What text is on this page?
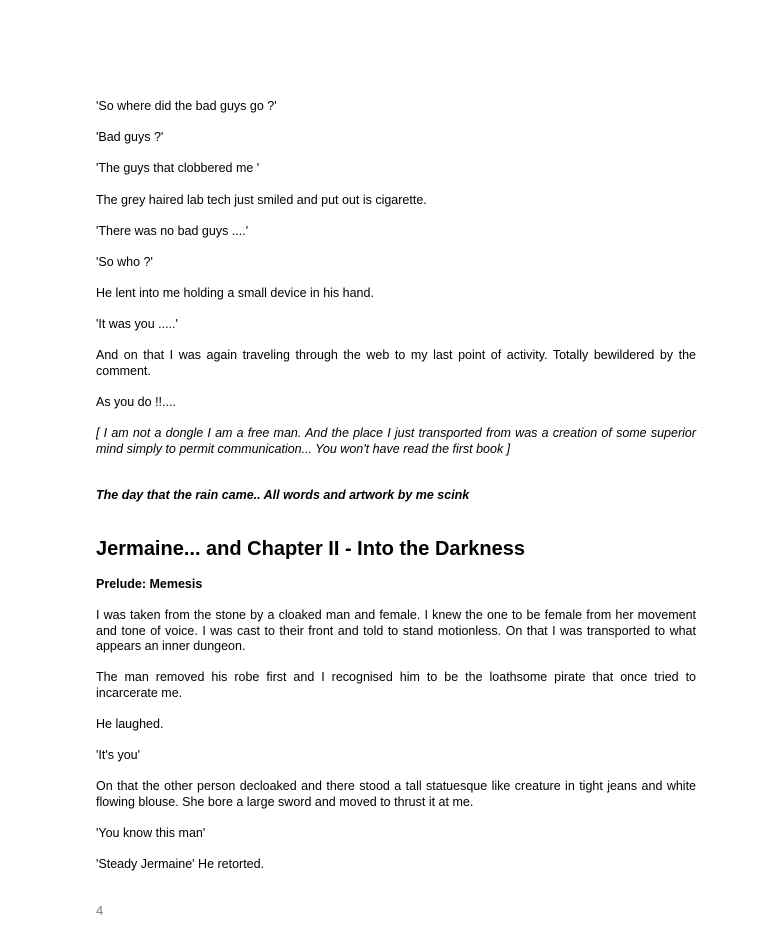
'So where did the bad guys go ?'

'Bad guys ?'

'The guys that clobbered me '

The grey haired lab tech just smiled and put out is cigarette.

'There was no bad guys ....'

'So who ?'

He lent into me holding a small device in his hand.

'It was you .....'

And on that I was again traveling through the web to my last point of activity. Totally bewildered by the comment.

As you do !!....

[ I am not a dongle I am a free man. And the place I just transported from was a creation of some superior mind simply to permit communication... You won't have read the first book ]

The day that the rain came.. All words and artwork by me scink

Jermaine... and Chapter II - Into the Darkness

Prelude: Memesis

I was taken from the stone by a cloaked man and female. I knew the one to be female from her movement and tone of voice. I was cast to their front and told to stand motionless. On that I was transported to what appears an inner dungeon.

The man removed his robe first and I recognised him to be the loathsome pirate that once tried to incarcerate me.

He laughed.

'It's you'

On that the other person decloaked and there stood a tall statuesque like creature in tight jeans and white flowing blouse. She bore a large sword and moved to thrust it at me.

'You know this man'

'Steady Jermaine' He retorted.

4
